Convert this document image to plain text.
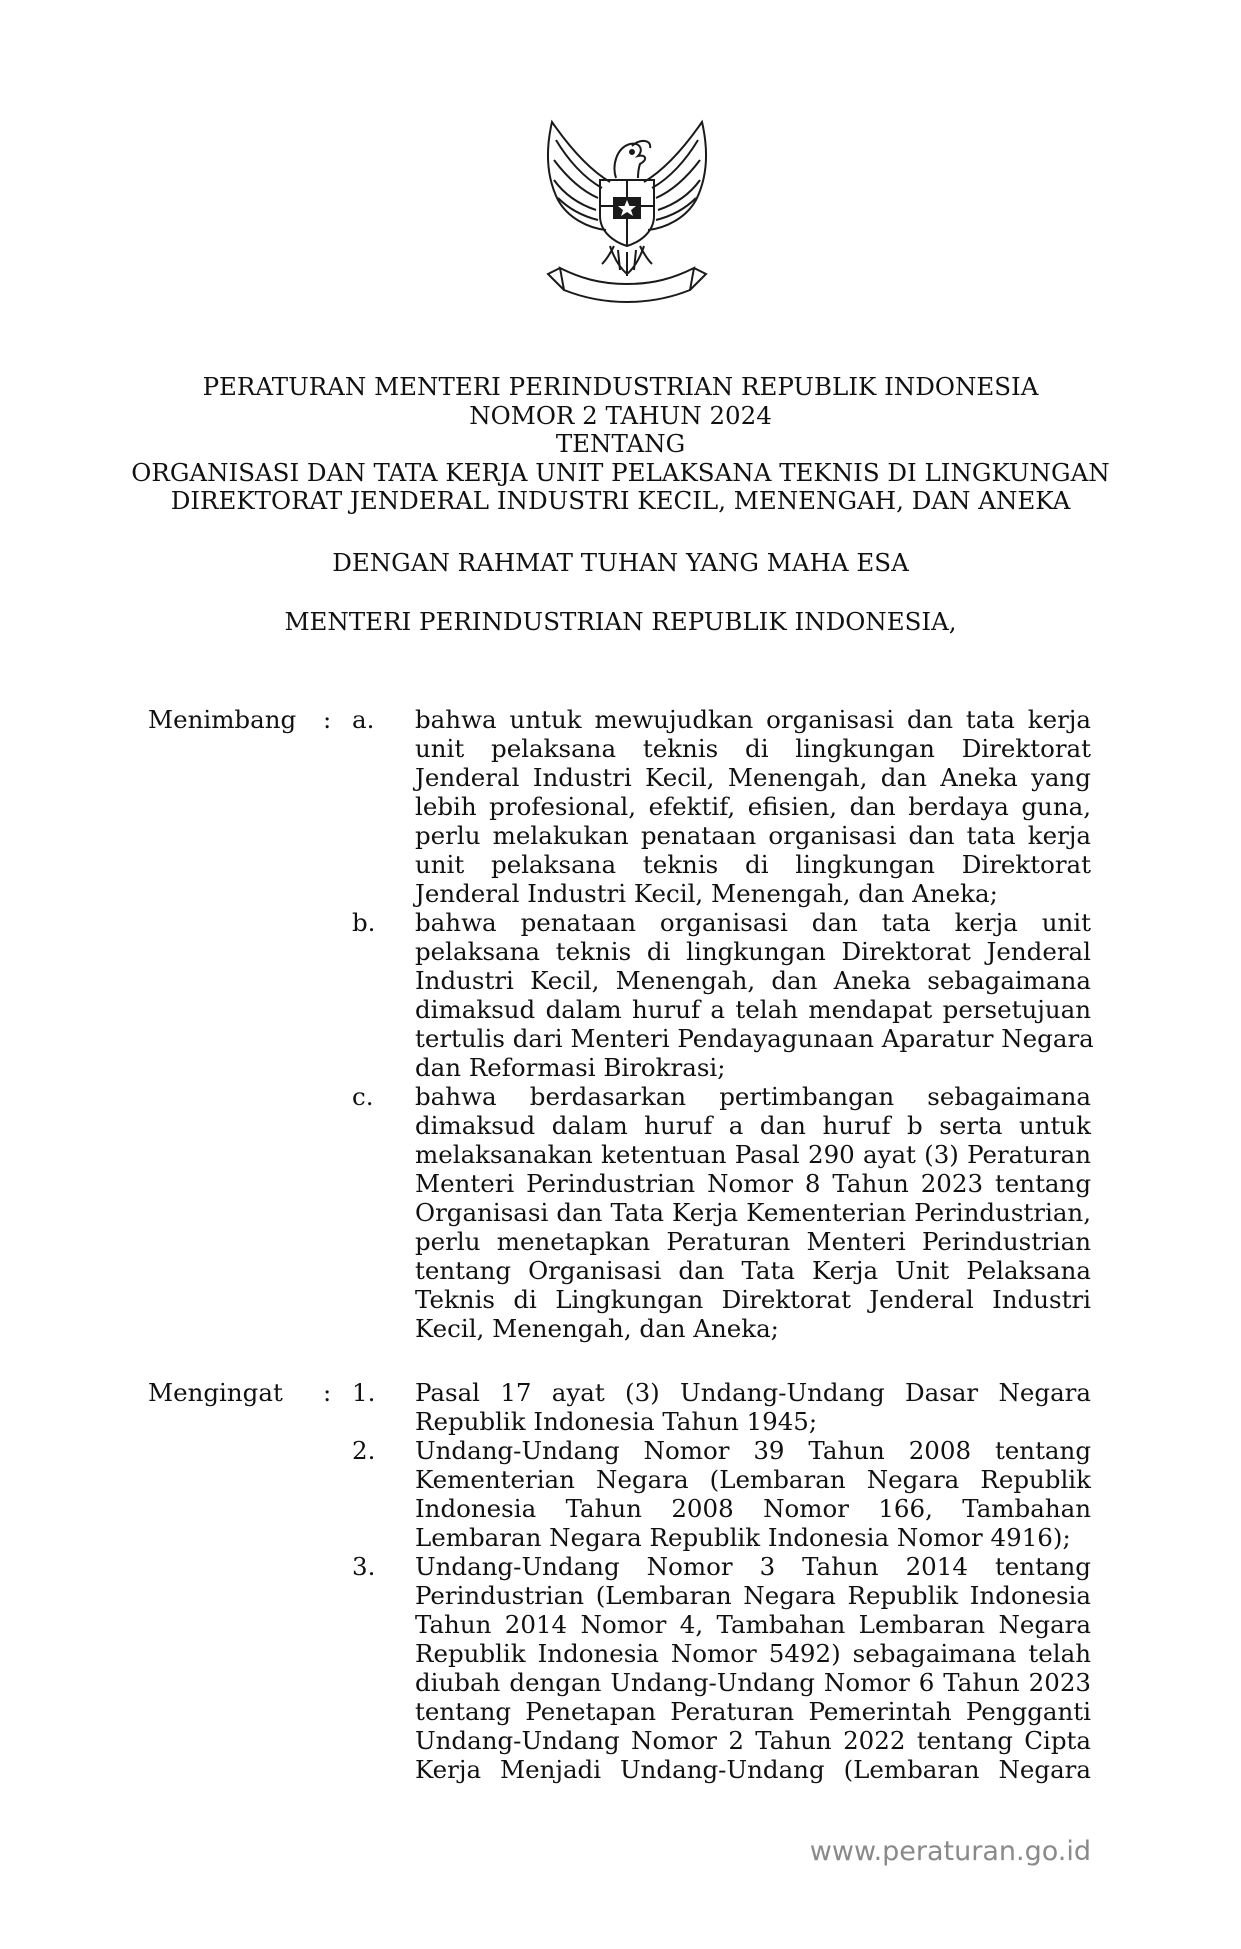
PERATURAN MENTERI PERINDUSTRIAN REPUBLIK INDONESIA
NOMOR 2 TAHUN 2024
TENTANG
ORGANISASI DAN TATA KERJA UNIT PELAKSANA TEKNIS DI LINGKUNGAN
DIREKTORAT JENDERAL INDUSTRI KECIL, MENENGAH, DAN ANEKA
DENGAN RAHMAT TUHAN YANG MAHA ESA
MENTERI PERINDUSTRIAN REPUBLIK INDONESIA,
Menimbang : a. bahwa untuk mewujudkan organisasi dan tata kerja
unit pelaksana teknis di lingkungan Direktorat
Jenderal Industri Kecil, Menengah, dan Aneka yang
lebih profesional, efektif, efisien, dan berdaya guna,
perlu melakukan penataan organisasi dan tata kerja
unit pelaksana teknis di lingkungan Direktorat
Jenderal Industri Kecil, Menengah, dan Aneka;
b. bahwa penataan organisasi dan tata kerja unit
pelaksana teknis di lingkungan Direktorat Jenderal
Industri Kecil, Menengah, dan Aneka sebagaimana
dimaksud dalam huruf a telah mendapat persetujuan
tertulis dari Menteri Pendayagunaan Aparatur Negara
dan Reformasi Birokrasi;
c. bahwa berdasarkan pertimbangan sebagaimana
dimaksud dalam huruf a dan huruf b serta untuk
melaksanakan ketentuan Pasal 290 ayat (3) Peraturan
Menteri Perindustrian Nomor 8 Tahun 2023 tentang
Organisasi dan Tata Kerja Kementerian Perindustrian,
perlu menetapkan Peraturan Menteri Perindustrian
tentang Organisasi dan Tata Kerja Unit Pelaksana
Teknis di Lingkungan Direktorat Jenderal Industri
Kecil, Menengah, dan Aneka;
Mengingat : 1. Pasal 17 ayat (3) Undang-Undang Dasar Negara
Republik Indonesia Tahun 1945;
2. Undang-Undang Nomor 39 Tahun 2008 tentang
Kementerian Negara (Lembaran Negara Republik
Indonesia Tahun 2008 Nomor 166, Tambahan
Lembaran Negara Republik Indonesia Nomor 4916);
3. Undang-Undang Nomor 3 Tahun 2014 tentang
Perindustrian (Lembaran Negara Republik Indonesia
Tahun 2014 Nomor 4, Tambahan Lembaran Negara
Republik Indonesia Nomor 5492) sebagaimana telah
diubah dengan Undang-Undang Nomor 6 Tahun 2023
tentang Penetapan Peraturan Pemerintah Pengganti
Undang-Undang Nomor 2 Tahun 2022 tentang Cipta
Kerja Menjadi Undang-Undang (Lembaran Negara
www.peraturan.go.id
